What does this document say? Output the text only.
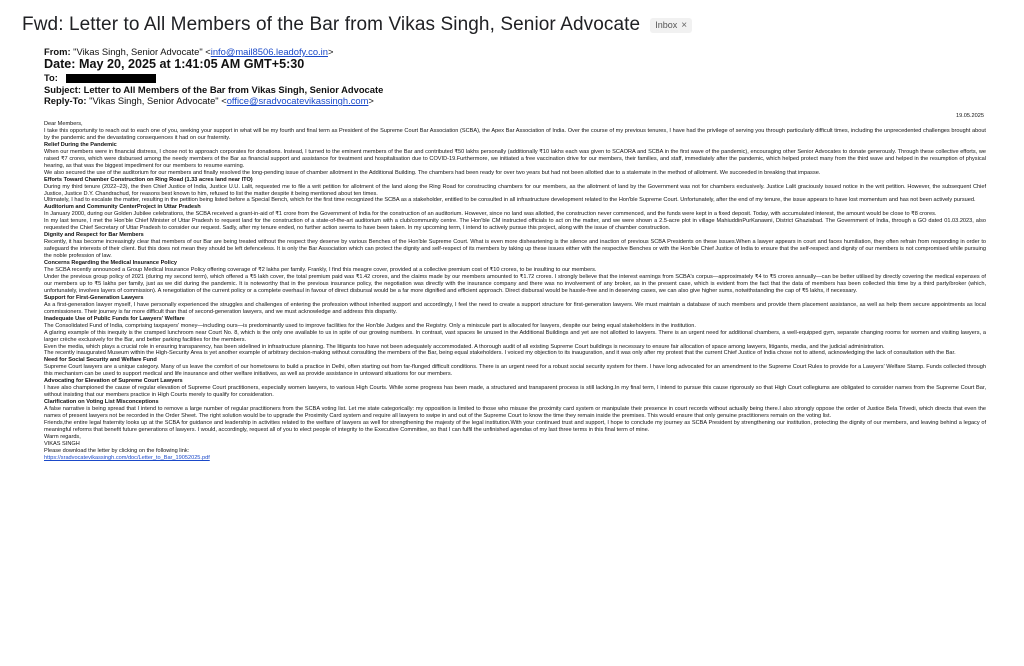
Fwd: Letter to All Members of the Bar from Vikas Singh, Senior Advocate Inbox ×
From: "Vikas Singh, Senior Advocate" <info@mail8506.leadofy.co.in>
Date: May 20, 2025 at 1:41:05 AM GMT+5:30
To:
Subject: Letter to All Members of the Bar from Vikas Singh, Senior Advocate
Reply-To: "Vikas Singh, Senior Advocate" <office@sradvocatevikassingh.com>
19.05.2025

Dear Members,

I take this opportunity to reach out to each one of you, seeking your support in what will be my fourth and final term as President of the Supreme Court Bar Association (SCBA), the Apex Bar Association of India. Over the course of my previous tenures, I have had the privilege of serving you through particularly difficult times, including the unprecedented challenges brought about by the pandemic and the devastating consequences it had on our fraternity.

Relief During the Pandemic

When our members were in financial distress, I chose not to approach corporates for donations. Instead, I turned to the eminent members of the Bar and contributed ₹50 lakhs personally (additionally ₹10 lakhs each was given to SCAORA and SCBA in the first wave of the pandemic), encouraging other Senior Advocates to donate generously. Through these collective efforts, we raised ₹7 crores, which were disbursed among the needy members of the Bar as financial support and assistance for treatment and hospitalisation due to COVID-19.Furthermore, we initiated a free vaccination drive for our members, their families, and staff, immediately after the pandemic, which helped protect many from the third wave and helped in the resumption of physical hearing, as that was the biggest impediment for our members to resume earning.

We also secured the use of the auditorium for our members and finally resolved the long-pending issue of chamber allotment in the Additional Building. The chambers had been ready for over two years but had not been allotted due to a stalemate in the method of allotment. We succeeded in breaking that impasse.

Efforts Toward Chamber Construction on Ring Road (1.33 acres land near ITO)

During my third tenure (2022–23), the then Chief Justice of India, Justice U.U. Lalit, requested me to file a writ petition for allotment of the land along the Ring Road for constructing chambers for our members, as the allotment of land by the Government was not for chambers exclusively. Justice Lalit graciously issued notice in the writ petition. However, the subsequent Chief Justice, Justice D.Y. Chandrachud, for reasons best known to him, refused to list the matter despite it being mentioned about ten times.

Ultimately, I had to escalate the matter, resulting in the petition being listed before a Special Bench, which for the first time recognized the SCBA as a stakeholder, entitled to be consulted in all infrastructure development related to the Hon'ble Supreme Court. Unfortunately, after the end of my tenure, the issue appears to have lost momentum and has not been actively pursued.

Auditorium and Community CenterProject in Uttar Pradesh

In January 2000, during our Golden Jubilee celebrations, the SCBA received a grant-in-aid of ₹1 crore from the Government of India for the construction of an auditorium. However, since no land was allotted, the construction never commenced, and the funds were kept in a fixed deposit. Today, with accumulated interest, the amount would be close to ₹8 crores.

In my last tenure, I met the Hon'ble Chief Minister of Uttar Pradesh to request land for the construction of a state-of-the-art auditorium with a club/community centre. The Hon'ble CM instructed officials to act on the matter, and we were shown a 2.5-acre plot in village MahiuddinPurKanawni, District Ghaziabad. The Government of India, through a GO dated 01.03.2023, also requested the Chief Secretary of Uttar Pradesh to consider our request. Sadly, after my tenure ended, no further action seems to have been taken. In my upcoming term, I intend to actively pursue this project, along with the issue of chamber construction.

Dignity and Respect for Bar Members

Recently, it has become increasingly clear that members of our Bar are being treated without the respect they deserve by various Benches of the Hon'ble Supreme Court. What is even more disheartening is the silence and inaction of previous SCBA Presidents on these issues.When a lawyer appears in court and faces humiliation, they often refrain from responding in order to safeguard the interests of their client. But this does not mean they should be left defenceless. It is only the Bar Association which can protect the dignity and self-respect of its members by taking up these issues either with the respective Benches or with the Hon'ble Chief Justice of India to ensure that the self-respect and dignity of our members is not compromised while pursuing the noble profession of law.

Concerns Regarding the Medical Insurance Policy

The SCBA recently announced a Group Medical Insurance Policy offering coverage of ₹2 lakhs per family. Frankly, I find this meagre cover, provided at a collective premium cost of ₹10 crores, to be insulting to our members.

Under the previous group policy of 2021 (during my second term), which offered a ₹5 lakh cover, the total premium paid was ₹1.42 crores, and the claims made by our members amounted to ₹1.72 crores. I strongly believe that the interest earnings from SCBA's corpus—approximately ₹4 to ₹5 crores annually—can be better utilised by directly covering the medical expenses of our members up to ₹5 lakhs per family, just as we did during the pandemic. It is noteworthy that in the previous insurance policy, the negotiation was directly with the insurance company and there was no involvement of any broker, as in the present case, which is evident from the fact that the data of members has been collected this time by a third party/broker (which, unfortunately, involves layers of commission). A renegotiation of the current policy or a complete overhaul in favour of direct disbursal would be a far more dignified and efficient approach. Direct disbursal would be hassle-free and in deserving cases, we can also give higher sums, notwithstanding the cap of ₹5 lakhs, if necessary.

Support for First-Generation Lawyers

As a first-generation lawyer myself, I have personally experienced the struggles and challenges of entering the profession without inherited support and accordingly, I feel the need to create a support structure for first-generation lawyers. We must maintain a database of such members and provide them placement assistance, as well as help them secure appointments as local commissioners. Their journey is far more difficult than that of second-generation lawyers, and we must acknowledge and address this disparity.

Inadequate Use of Public Funds for Lawyers' Welfare

The Consolidated Fund of India, comprising taxpayers' money—including ours—is predominantly used to improve facilities for the Hon'ble Judges and the Registry. Only a miniscule part is allocated for lawyers, despite our being equal stakeholders in the institution.

A glaring example of this inequity is the cramped lunchroom near Court No. 8, which is the only one available to us in spite of our growing numbers. In contrast, vast spaces lie unused in the Additional Buildings and yet are not allotted to lawyers. There is an urgent need for additional chambers, a well-equipped gym, separate changing rooms for women and visiting lawyers, a larger crèche exclusively for the Bar, and better parking facilities for the members.

Even the media, which plays a crucial role in ensuring transparency, has been sidelined in infrastructure planning. The litigants too have not been adequately accommodated. A thorough audit of all existing Supreme Court buildings is necessary to ensure fair allocation of space among lawyers, litigants, media, and the judicial administration.

The recently inaugurated Museum within the High-Security Area is yet another example of arbitrary decision-making without consulting the members of the Bar, being equal stakeholders. I voiced my objection to its inauguration, and it was only after my protest that the current Chief Justice of India chose not to attend, acknowledging the lack of consultation with the Bar.

Need for Social Security and Welfare Fund

Supreme Court lawyers are a unique category. Many of us leave the comfort of our hometowns to build a practice in Delhi, often starting out from far-flunged difficult conditions. There is an urgent need for a robust social security system for them. I have long advocated for an amendment to the Supreme Court Rules to provide for a Lawyers' Welfare Stamp. Funds collected through this mechanism can be used to support medical and life insurance and other welfare initiatives, as well as provide assistance in untoward situations for our members.

Advocating for Elevation of Supreme Court Lawyers

I have also championed the cause of regular elevation of Supreme Court practitioners, especially women lawyers, to various High Courts. While some progress has been made, a structured and transparent process is still lacking.In my final term, I intend to pursue this cause rigorously so that High Court collegiums are obligated to consider names from the Supreme Court Bar, without insisting that our members practice in High Courts merely to qualify for consideration.

Clarification on Voting List Misconceptions

A false narrative is being spread that I intend to remove a large number of regular practitioners from the SCBA voting list. Let me state categorically: my opposition is limited to those who misuse the proximity card system or manipulate their presence in court records without actually being there.I also strongly oppose the order of Justice Bela Trivedi, which directs that even the names of present lawyers not be recorded in the Order Sheet. The right solution would be to upgrade the Proximity Card system and require all lawyers to swipe in and out of the Supreme Court to know the time they remain inside the premises. This would ensure that only genuine practitioners remain on the voting list.

Friends,the entire legal fraternity looks up at the SCBA for guidance and leadership in activities related to the welfare of lawyers as well for strengthening the majesty of the legal institution.With your continued trust and support, I hope to conclude my journey as SCBA President by strengthening our institution, protecting the dignity of our members, and leaving behind a legacy of meaningful reforms that benefit future generations of lawyers. I would, accordingly, request all of you to elect people of integrity to the Executive Committee, so that I can fulfil the unfinished agendas of my last three terms in this final term of mine.

Warm regards,

VIKAS SINGH

Please download the letter by clicking on the following link:

https://sradvocatevikassingh.com/doc/Letter_to_Bar_19052025.pdf
